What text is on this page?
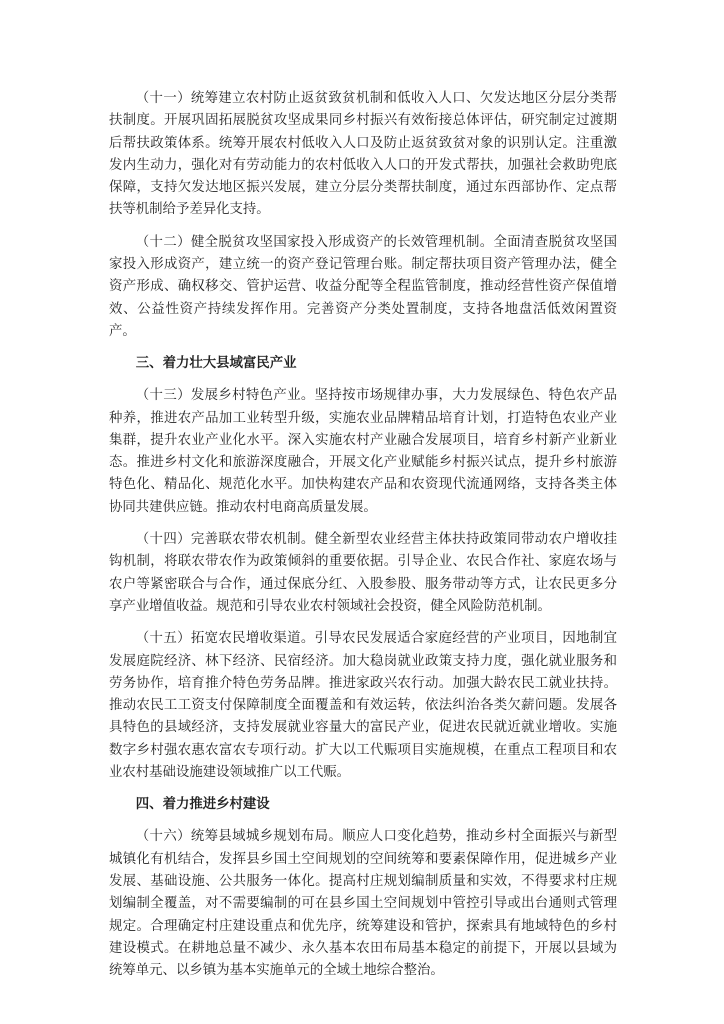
（十一）统筹建立农村防止返贫致贫机制和低收入人口、欠发达地区分层分类帮扶制度。开展巩固拓展脱贫攻坚成果同乡村振兴有效衔接总体评估，研究制定过渡期后帮扶政策体系。统筹开展农村低收入人口及防止返贫致贫对象的识别认定。注重激发内生动力，强化对有劳动能力的农村低收入人口的开发式帮扶，加强社会救助兜底保障，支持欠发达地区振兴发展，建立分层分类帮扶制度，通过东西部协作、定点帮扶等机制给予差异化支持。

（十二）健全脱贫攻坚国家投入形成资产的长效管理机制。全面清查脱贫攻坚国家投入形成资产，建立统一的资产登记管理台账。制定帮扶项目资产管理办法，健全资产形成、确权移交、管护运营、收益分配等全程监管制度，推动经营性资产保值增效、公益性资产持续发挥作用。完善资产分类处置制度，支持各地盘活低效闲置资产。

三、着力壮大县域富民产业

（十三）发展乡村特色产业。坚持按市场规律办事，大力发展绿色、特色农产品种养，推进农产品加工业转型升级，实施农业品牌精品培育计划，打造特色农业产业集群，提升农业产业化水平。深入实施农村产业融合发展项目，培育乡村新产业新业态。推进乡村文化和旅游深度融合，开展文化产业赋能乡村振兴试点，提升乡村旅游特色化、精品化、规范化水平。加快构建农产品和农资现代流通网络，支持各类主体协同共建供应链。推动农村电商高质量发展。

（十四）完善联农带农机制。健全新型农业经营主体扶持政策同带动农户增收挂钩机制，将联农带农作为政策倾斜的重要依据。引导企业、农民合作社、家庭农场与农户等紧密联合与合作，通过保底分红、入股参股、服务带动等方式，让农民更多分享产业增值收益。规范和引导农业农村领域社会投资，健全风险防范机制。

（十五）拓宽农民增收渠道。引导农民发展适合家庭经营的产业项目，因地制宜发展庭院经济、林下经济、民宿经济。加大稳岗就业政策支持力度，强化就业服务和劳务协作，培育推介特色劳务品牌。推进家政兴农行动。加强大龄农民工就业扶持。推动农民工工资支付保障制度全面覆盖和有效运转，依法纠治各类欠薪问题。发展各具特色的县域经济，支持发展就业容量大的富民产业，促进农民就近就业增收。实施数字乡村强农惠农富农专项行动。扩大以工代赈项目实施规模，在重点工程项目和农业农村基础设施建设领域推广以工代赈。

四、着力推进乡村建设

（十六）统筹县域城乡规划布局。顺应人口变化趋势，推动乡村全面振兴与新型城镇化有机结合，发挥县乡国土空间规划的空间统筹和要素保障作用，促进城乡产业发展、基础设施、公共服务一体化。提高村庄规划编制质量和实效，不得要求村庄规划编制全覆盖，对不需要编制的可在县乡国土空间规划中管控引导或出台通则式管理规定。合理确定村庄建设重点和优先序，统筹建设和管护，探索具有地域特色的乡村建设模式。在耕地总量不减少、永久基本农田布局基本稳定的前提下，开展以县域为统筹单元、以乡镇为基本实施单元的全域土地综合整治。
